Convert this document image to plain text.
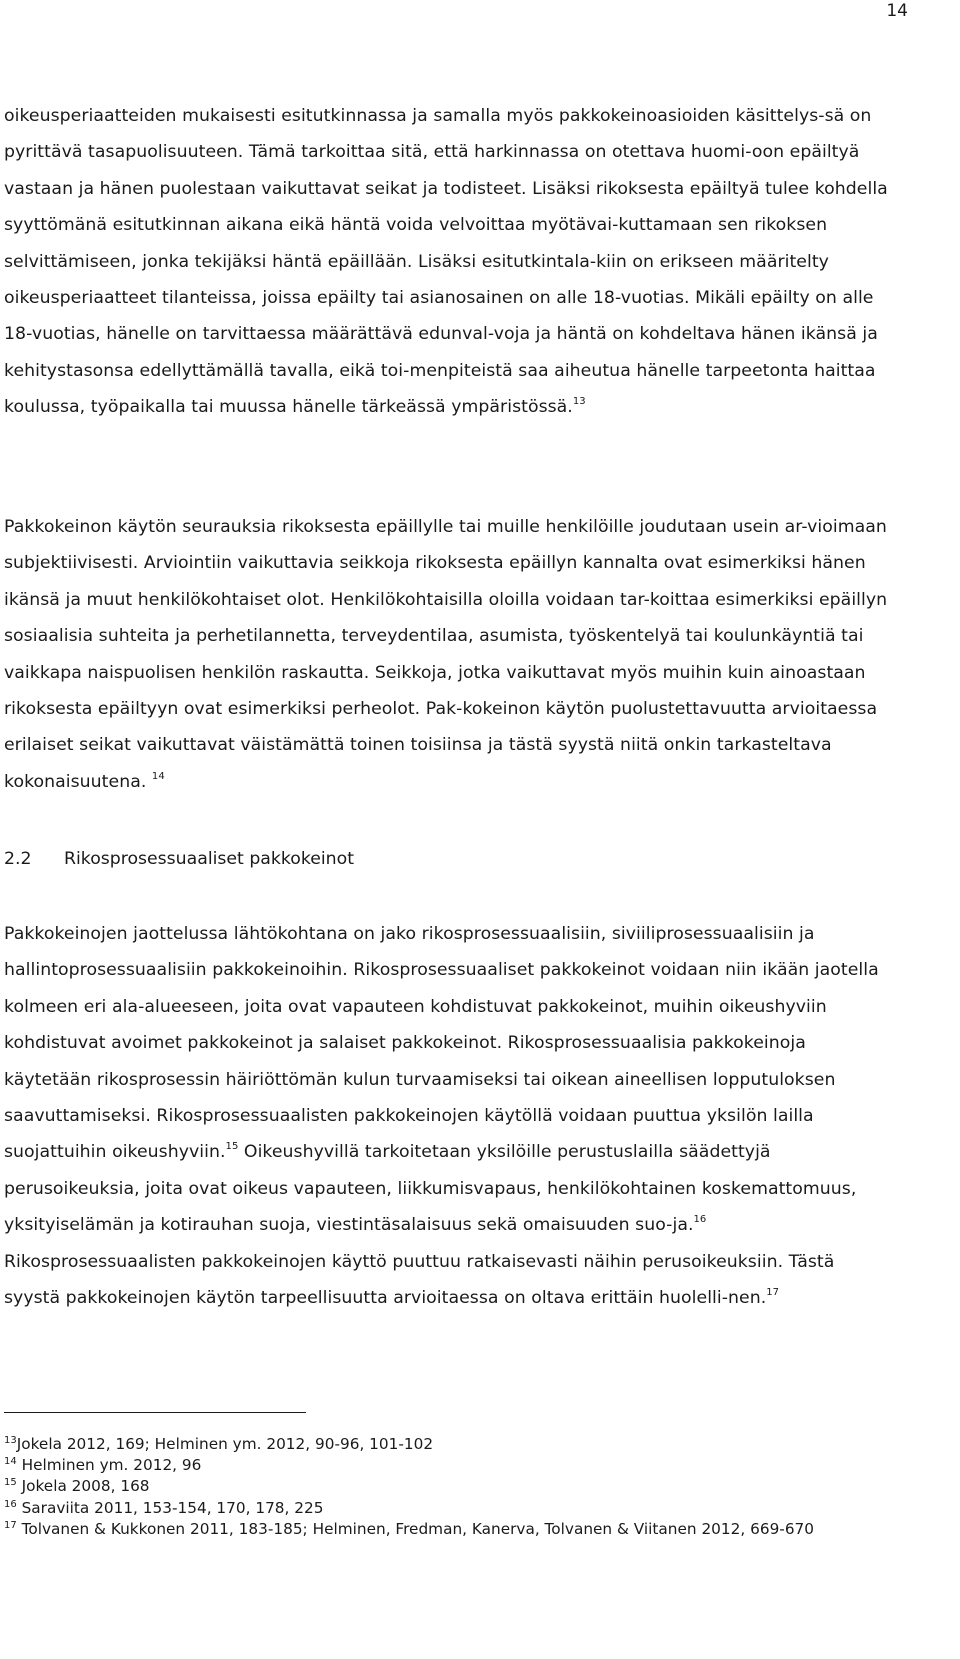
14

oikeusperiaatteiden mukaisesti esitutkinnassa ja samalla myös pakkokeinoasioiden käsittelys-sä on pyrittävä tasapuolisuuteen. Tämä tarkoittaa sitä, että harkinnassa on otettava huomi-oon epäiltyä vastaan ja hänen puolestaan vaikuttavat seikat ja todisteet. Lisäksi rikoksesta epäiltyä tulee kohdella syyttömänä esitutkinnan aikana eikä häntä voida velvoittaa myötävai-kuttamaan sen rikoksen selvittämiseen, jonka tekijäksi häntä epäillään. Lisäksi esitutkintala-kiin on erikseen määritelty oikeusperiaatteet tilanteissa, joissa epäilty tai asianosainen on alle 18-vuotias. Mikäli epäilty on alle 18-vuotias, hänelle on tarvittaessa määrättävä edunval-voja ja häntä on kohdeltava hänen ikänsä ja kehitystasonsa edellyttämällä tavalla, eikä toi-menpiteistä saa aiheutua hänelle tarpeetonta haittaa koulussa, työpaikalla tai muussa hänelle tärkeässä ympäristössä.$^{13}$

Pakkokeinon käytön seurauksia rikoksesta epäillylle tai muille henkilöille joudutaan usein ar-vioimaan subjektiivisesti. Arviointiin vaikuttavia seikkoja rikoksesta epäillyn kannalta ovat esimerkiksi hänen ikänsä ja muut henkilökohtaiset olot. Henkilökohtaisilla oloilla voidaan tar-koittaa esimerkiksi epäillyn sosiaalisia suhteita ja perhetilannetta, terveydentilaa, asumista, työskentelyä tai koulunkäyntiä tai vaikkapa naispuolisen henkilön raskautta. Seikkoja, jotka vaikuttavat myös muihin kuin ainoastaan rikoksesta epäiltyyn ovat esimerkiksi perheolot. Pak-kokeinon käytön puolustettavuutta arvioitaessa erilaiset seikat vaikuttavat väistämättä toinen toisiinsa ja tästä syystä niitä onkin tarkasteltava kokonaisuutena. $^{14}$

2.2 Rikosprosessuaaliset pakkokeinot

Pakkokeinojen jaottelussa lähtökohtana on jako rikosprosessuaalisiin, siviiliprosessuaalisiin ja hallintoprosessuaalisiin pakkokeinoihin. Rikosprosessuaaliset pakkokeinot voidaan niin ikään jaotella kolmeen eri ala-alueeseen, joita ovat vapauteen kohdistuvat pakkokeinot, muihin oikeushyviin kohdistuvat avoimet pakkokeinot ja salaiset pakkokeinot. Rikosprosessuaalisia pakkokeinoja käytetään rikosprosessin häiriöttömän kulun turvaamiseksi tai oikean aineellisen lopputuloksen saavuttamiseksi. Rikosprosessuaalisten pakkokeinojen käytöllä voidaan puuttua yksilön lailla suojattuihin oikeushyviin.$^{15}$ Oikeushyvillä tarkoitetaan yksilöille perustuslailla säädettyjä perusoikeuksia, joita ovat oikeus vapauteen, liikkumisvapaus, henkilökohtainen koskemattomuus, yksityiselämän ja kotirauhan suoja, viestintäsalaisuus sekä omaisuuden suo-ja.$^{16}$ Rikosprosessuaalisten pakkokeinojen käyttö puuttuu ratkaisevasti näihin perusoikeuksiin. Tästä syystä pakkokeinojen käytön tarpeellisuutta arvioitaessa on oltava erittäin huolelli-nen.$^{17}$

$^{13}$Jokela 2012, 169; Helminen ym. 2012, 90-96, 101-102

$^{14}$ Helminen ym. 2012, 96

$^{15}$ Jokela 2008, 168

$^{16}$ Saraviita 2011, 153-154, 170, 178, 225

$^{17}$ Tolvanen & Kukkonen 2011, 183-185; Helminen, Fredman, Kanerva, Tolvanen & Viitanen 2012, 669-670
